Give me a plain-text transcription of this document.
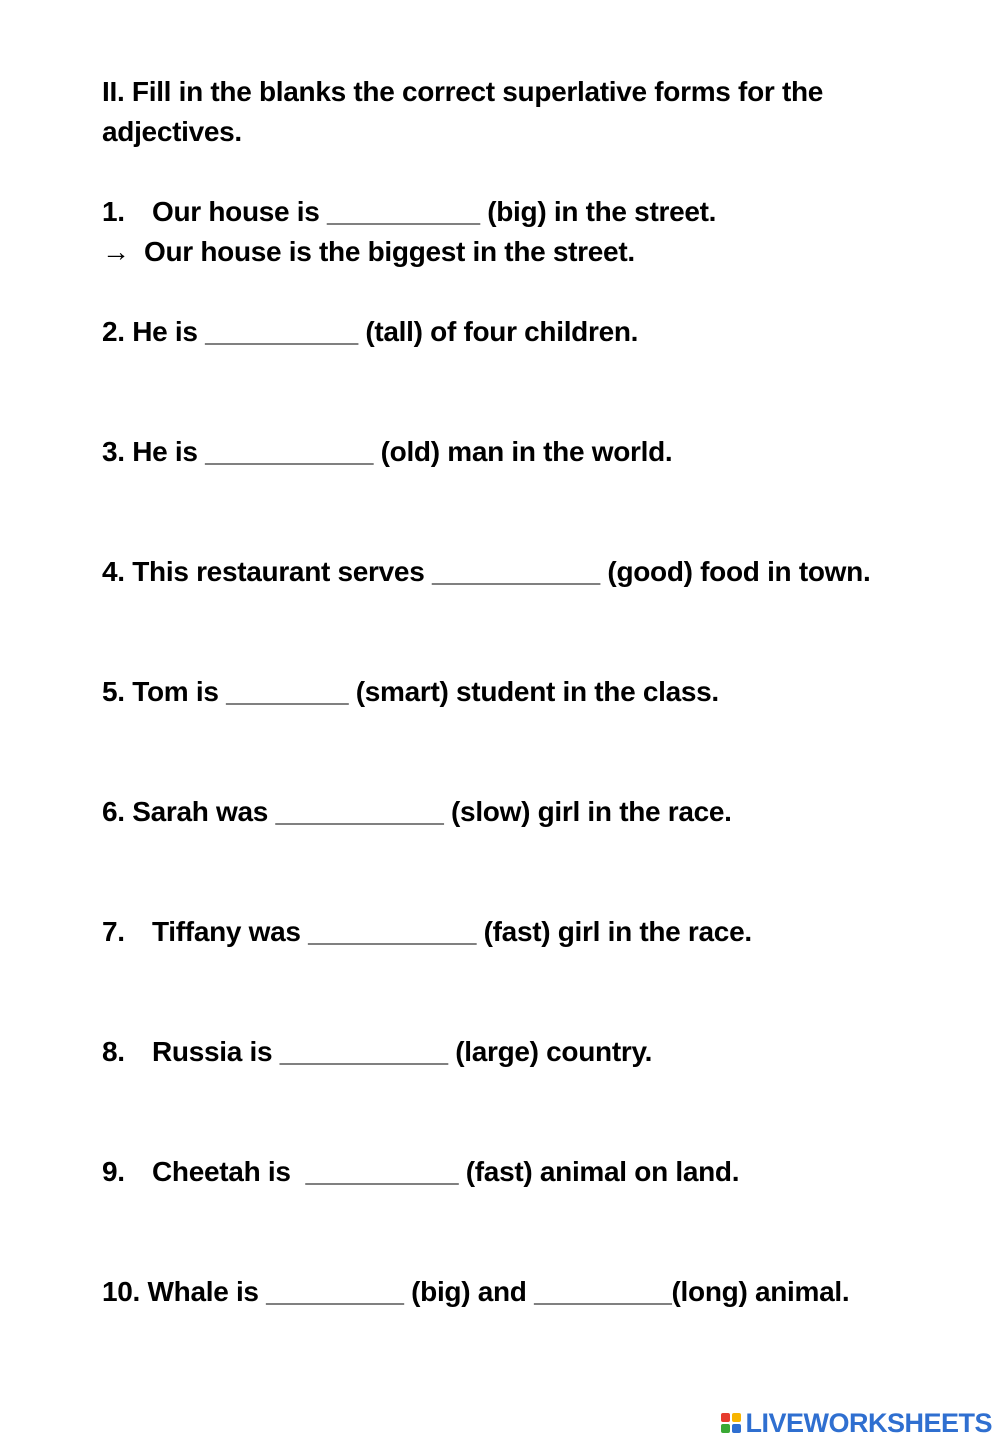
II. Fill in the blanks the correct superlative forms for the

adjectives.

1. Our house is __________ (big) in the street.

→ Our house is the biggest in the street.

2. He is __________ (tall) of four children.

3. He is ___________ (old) man in the world.

4. This restaurant serves ___________ (good) food in town.

5. Tom is ________ (smart) student in the class.

6. Sarah was ___________ (slow) girl in the race.

7. Tiffany was ___________ (fast) girl in the race.

8. Russia is ___________ (large) country.

9. Cheetah is  __________ (fast) animal on land.

10. Whale is _________ (big) and _________(long) animal.

LIVEWORKSHEETS
